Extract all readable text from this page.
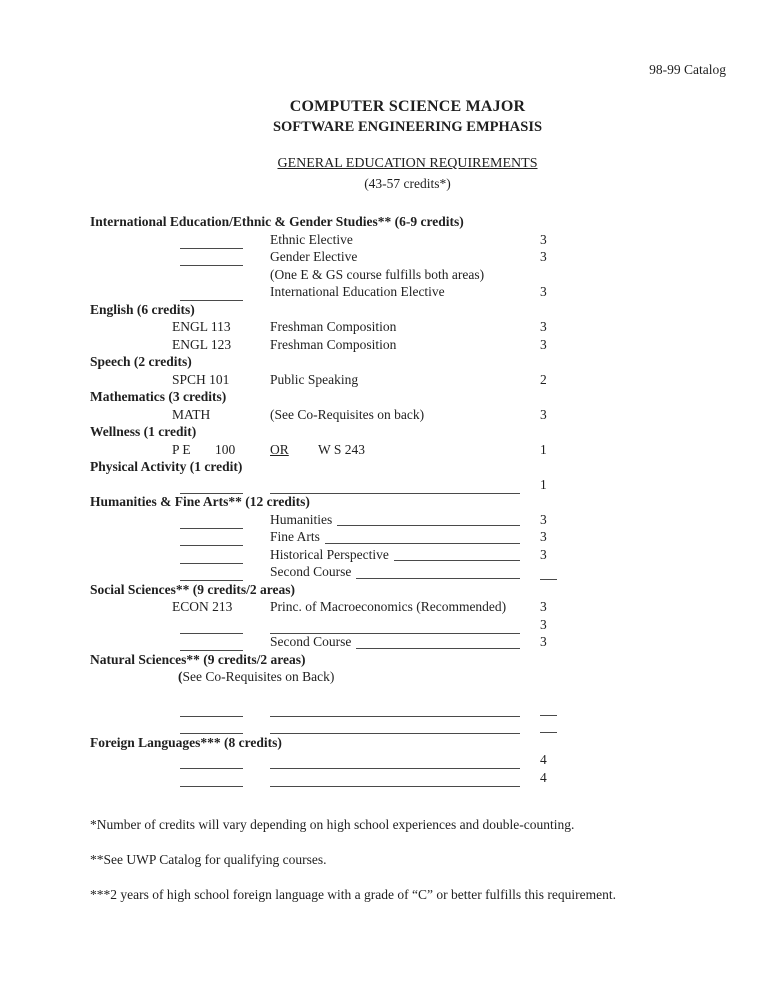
98-99 Catalog
COMPUTER SCIENCE MAJOR
SOFTWARE ENGINEERING EMPHASIS
GENERAL EDUCATION REQUIREMENTS
(43-57 credits*)
International Education/Ethnic & Gender Studies** (6-9 credits)
Ethnic Elective	3
Gender Elective	3
(One E & GS course fulfills both areas)
International Education Elective	3
English (6 credits)
ENGL 113	Freshman Composition	3
ENGL 123	Freshman Composition	3
Speech (2 credits)
SPCH 101	Public Speaking	2
Mathematics (3 credits)
MATH	(See Co-Requisites on back)	3
Wellness (1 credit)
P E 100	OR W S 243	1
Physical Activity (1 credit)
1
Humanities & Fine Arts** (12 credits)
Humanities	3
Fine Arts	3
Historical Perspective	3
Second Course
Social Sciences** (9 credits/2 areas)
ECON 213	Princ. of Macroeconomics (Recommended)	3
3
Second Course	3
Natural Sciences** (9 credits/2 areas)
(See Co-Requisites on Back)
Foreign Languages*** (8 credits)
4
4
*Number of credits will vary depending on high school experiences and double-counting.
**See UWP Catalog for qualifying courses.
***2 years of high school foreign language with a grade of “C” or better fulfills this requirement.
